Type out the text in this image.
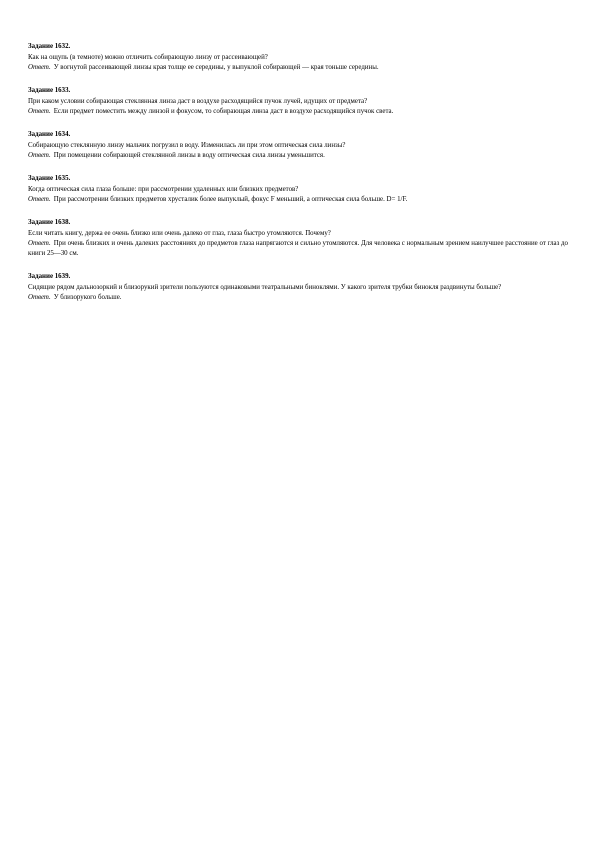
Задание 1632.
Как на ощупь (в темноте) можно отличить собирающую линзу от рассеивающей?
Ответ. У вогнутой рассеивающей линзы края толще ее середины, у выпуклой собирающей — края тоньше середины.
Задание 1633.
При каком условии собирающая стеклянная линза даст в воздухе расходящийся пучок лучей, идущих от предмета?
Ответ. Если предмет поместить между линзой и фокусом, то собирающая линза даст в воздухе расходящийся пучок света.
Задание 1634.
Собирающую стеклянную линзу мальчик погрузил в воду. Изменилась ли при этом оптическая сила линзы?
Ответ. При помещении собирающей стеклянной линзы в воду оптическая сила линзы уменьшится.
Задание 1635.
Когда оптическая сила глаза больше: при рассмотрении удаленных или близких предметов?
Ответ. При рассмотрении близких предметов хрусталик более выпуклый, фокус F меньший, а оптическая сила больше. D= 1/F.
Задание 1638.
Если читать книгу, держа ее очень близко или очень далеко от глаз, глаза быстро утомляются. Почему?
Ответ. При очень близких и очень далеких расстояниях до предметов глаза напрягаются и сильно утомляются. Для человека с нормальным зрением наилучшее расстояние от глаз до книги 25—30 см.
Задание 1639.
Сидящие рядом дальнозоркий и близорукий зрители пользуются одинаковыми театральными биноклями. У какого зрителя трубки бинокля раздвинуты больше?
Ответ. У близорукого больше.
